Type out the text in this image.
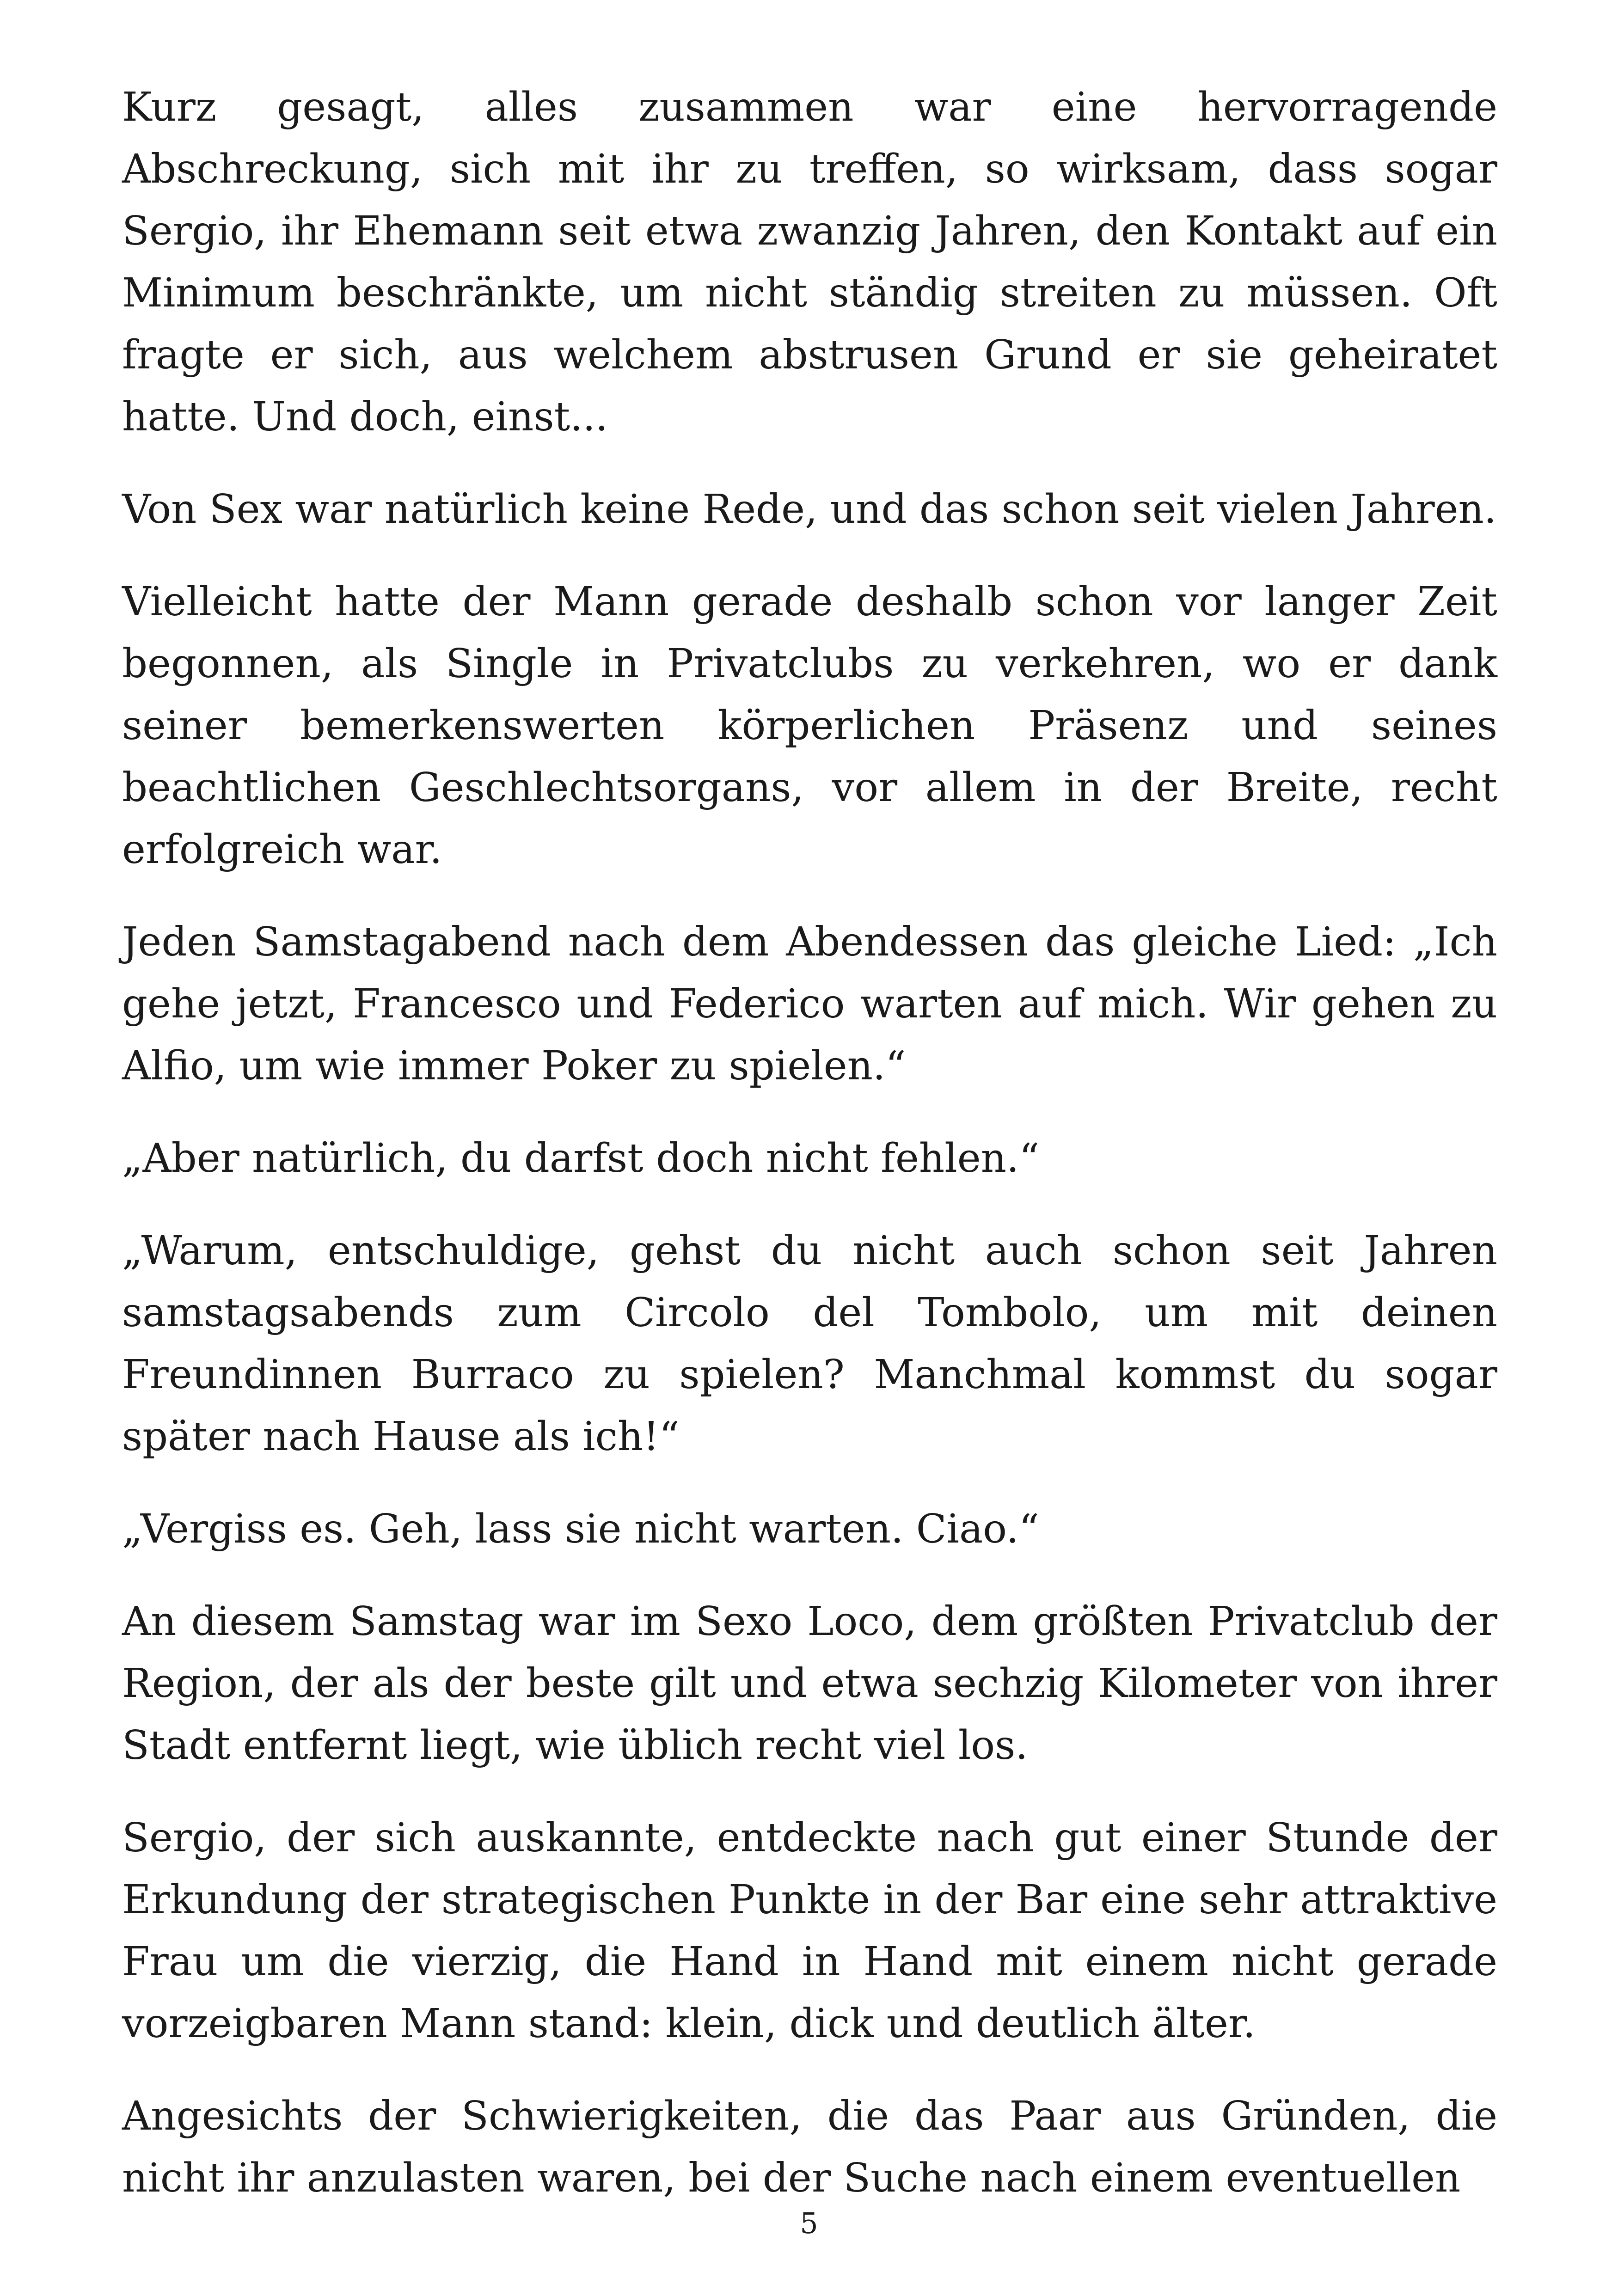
Kurz gesagt, alles zusammen war eine hervorragende Abschreckung, sich mit ihr zu treffen, so wirksam, dass sogar Sergio, ihr Ehemann seit etwa zwanzig Jahren, den Kontakt auf ein Minimum beschränkte, um nicht ständig streiten zu müssen. Oft fragte er sich, aus welchem abstrusen Grund er sie geheiratet hatte. Und doch, einst...

Von Sex war natürlich keine Rede, und das schon seit vielen Jahren.

Vielleicht hatte der Mann gerade deshalb schon vor langer Zeit begonnen, als Single in Privatclubs zu verkehren, wo er dank seiner bemerkenswerten körperlichen Präsenz und seines beachtlichen Geschlechtsorgans, vor allem in der Breite, recht erfolgreich war.

Jeden Samstagabend nach dem Abendessen das gleiche Lied: „Ich gehe jetzt, Francesco und Federico warten auf mich. Wir gehen zu Alfio, um wie immer Poker zu spielen.“

„Aber natürlich, du darfst doch nicht fehlen.“

„Warum, entschuldige, gehst du nicht auch schon seit Jahren samstagsabends zum Circolo del Tombolo, um mit deinen Freundinnen Burraco zu spielen? Manchmal kommst du sogar später nach Hause als ich!“

„Vergiss es. Geh, lass sie nicht warten. Ciao.“

An diesem Samstag war im Sexo Loco, dem größten Privatclub der Region, der als der beste gilt und etwa sechzig Kilometer von ihrer Stadt entfernt liegt, wie üblich recht viel los.

Sergio, der sich auskannte, entdeckte nach gut einer Stunde der Erkundung der strategischen Punkte in der Bar eine sehr attraktive Frau um die vierzig, die Hand in Hand mit einem nicht gerade vorzeigbaren Mann stand: klein, dick und deutlich älter.

Angesichts der Schwierigkeiten, die das Paar aus Gründen, die nicht ihr anzulasten waren, bei der Suche nach einem eventuellen

5
